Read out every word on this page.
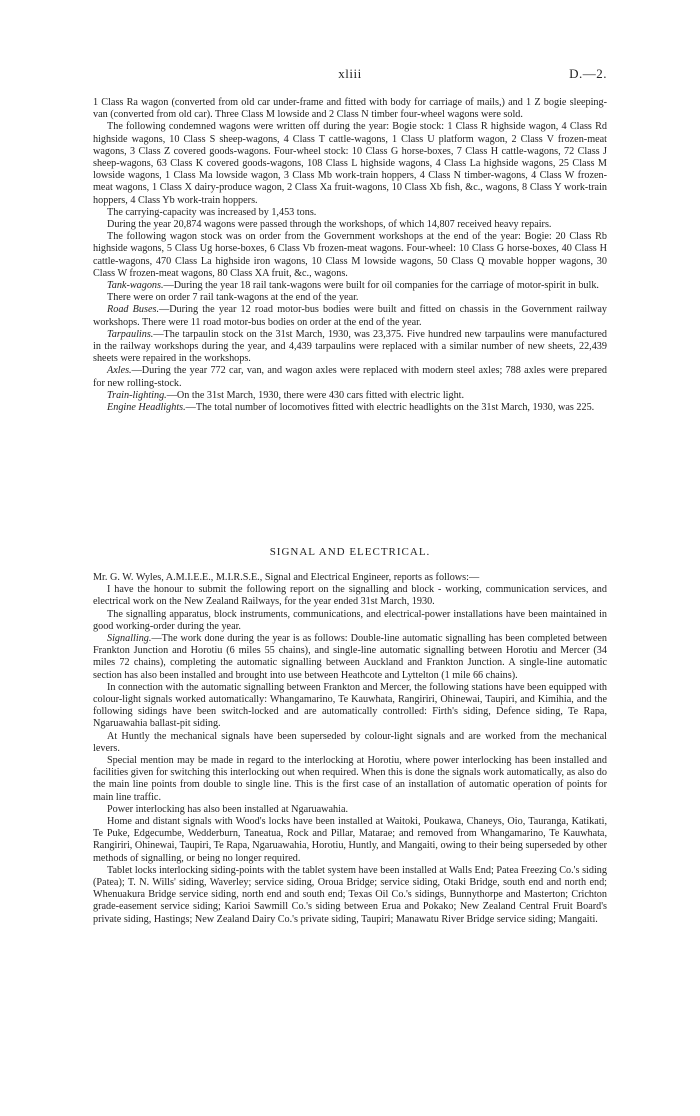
xliii	D.—2.

1 Class Ra wagon (converted from old car under-frame and fitted with body for carriage of mails,) and 1 Z bogie sleeping-van (converted from old car). Three Class M lowside and 2 Class N timber four-wheel wagons were sold.

The following condemned wagons were written off during the year: Bogie stock: 1 Class R highside wagon, 4 Class Rd highside wagons, 10 Class S sheep-wagons, 4 Class T cattle-wagons, 1 Class U platform wagon, 2 Class V frozen-meat wagons, 3 Class Z covered goods-wagons. Four-wheel stock: 10 Class G horse-boxes, 7 Class H cattle-wagons, 72 Class J sheep-wagons, 63 Class K covered goods-wagons, 108 Class L highside wagons, 4 Class La highside wagons, 25 Class M lowside wagons, 1 Class Ma lowside wagon, 3 Class Mb work-train hoppers, 4 Class N timber-wagons, 4 Class W frozen-meat wagons, 1 Class X dairy-produce wagon, 2 Class Xa fruit-wagons, 10 Class Xb fish, &c., wagons, 8 Class Y work-train hoppers, 4 Class Yb work-train hoppers.

The carrying-capacity was increased by 1,453 tons.

During the year 20,874 wagons were passed through the workshops, of which 14,807 received heavy repairs.

The following wagon stock was on order from the Government workshops at the end of the year: Bogie: 20 Class Rb highside wagons, 5 Class Ug horse-boxes, 6 Class Vb frozen-meat wagons. Four-wheel: 10 Class G horse-boxes, 40 Class H cattle-wagons, 470 Class La highside iron wagons, 10 Class M lowside wagons, 50 Class Q movable hopper wagons, 30 Class W frozen-meat wagons, 80 Class XA fruit, &c., wagons.

Tank-wagons.—During the year 18 rail tank-wagons were built for oil companies for the carriage of motor-spirit in bulk.

There were on order 7 rail tank-wagons at the end of the year.

Road Buses.—During the year 12 road motor-bus bodies were built and fitted on chassis in the Government railway workshops. There were 11 road motor-bus bodies on order at the end of the year.

Tarpaulins.—The tarpaulin stock on the 31st March, 1930, was 23,375. Five hundred new tarpaulins were manufactured in the railway workshops during the year, and 4,439 tarpaulins were replaced with a similar number of new sheets, 22,439 sheets were repaired in the workshops.

Axles.—During the year 772 car, van, and wagon axles were replaced with modern steel axles; 788 axles were prepared for new rolling-stock.

Train-lighting.—On the 31st March, 1930, there were 430 cars fitted with electric light.

Engine Headlights.—The total number of locomotives fitted with electric headlights on the 31st March, 1930, was 225.

SIGNAL AND ELECTRICAL.

Mr. G. W. Wyles, A.M.I.E.E., M.I.R.S.E., Signal and Electrical Engineer, reports as follows:—

I have the honour to submit the following report on the signalling and block - working, communication services, and electrical work on the New Zealand Railways, for the year ended 31st March, 1930.

The signalling apparatus, block instruments, communications, and electrical-power installations have been maintained in good working-order during the year.

Signalling.—The work done during the year is as follows: Double-line automatic signalling has been completed between Frankton Junction and Horotiu (6 miles 55 chains), and single-line automatic signalling between Horotiu and Mercer (34 miles 72 chains), completing the automatic signalling between Auckland and Frankton Junction. A single-line automatic section has also been installed and brought into use between Heathcote and Lyttelton (1 mile 66 chains).

In connection with the automatic signalling between Frankton and Mercer, the following stations have been equipped with colour-light signals worked automatically: Whangamarino, Te Kauwhata, Rangiriri, Ohinewai, Taupiri, and Kimihia, and the following sidings have been switch-locked and are automatically controlled: Firth's siding, Defence siding, Te Rapa, Ngaruawahia ballast-pit siding.

At Huntly the mechanical signals have been superseded by colour-light signals and are worked from the mechanical levers.

Special mention may be made in regard to the interlocking at Horotiu, where power interlocking has been installed and facilities given for switching this interlocking out when required. When this is done the signals work automatically, as also do the main line points from double to single line. This is the first case of an installation of automatic operation of points for main line traffic.

Power interlocking has also been installed at Ngaruawahia.

Home and distant signals with Wood's locks have been installed at Waitoki, Poukawa, Chaneys, Oio, Tauranga, Katikati, Te Puke, Edgecumbe, Wedderburn, Taneatua, Rock and Pillar, Matarae; and removed from Whangamarino, Te Kauwhata, Rangiriri, Ohinewai, Taupiri, Te Rapa, Ngaruawahia, Horotiu, Huntly, and Mangaiti, owing to their being superseded by other methods of signalling, or being no longer required.

Tablet locks interlocking siding-points with the tablet system have been installed at Walls End; Patea Freezing Co.'s siding (Patea); T. N. Wills' siding, Waverley; service siding, Oroua Bridge; service siding, Otaki Bridge, south end and north end; Whenuakura Bridge service siding, north end and south end; Texas Oil Co.'s sidings, Bunnythorpe and Masterton; Crichton grade-easement service siding; Karioi Sawmill Co.'s siding between Erua and Pokako; New Zealand Central Fruit Board's private siding, Hastings; New Zealand Dairy Co.'s private siding, Taupiri; Manawatu River Bridge service siding; Mangaiti.
